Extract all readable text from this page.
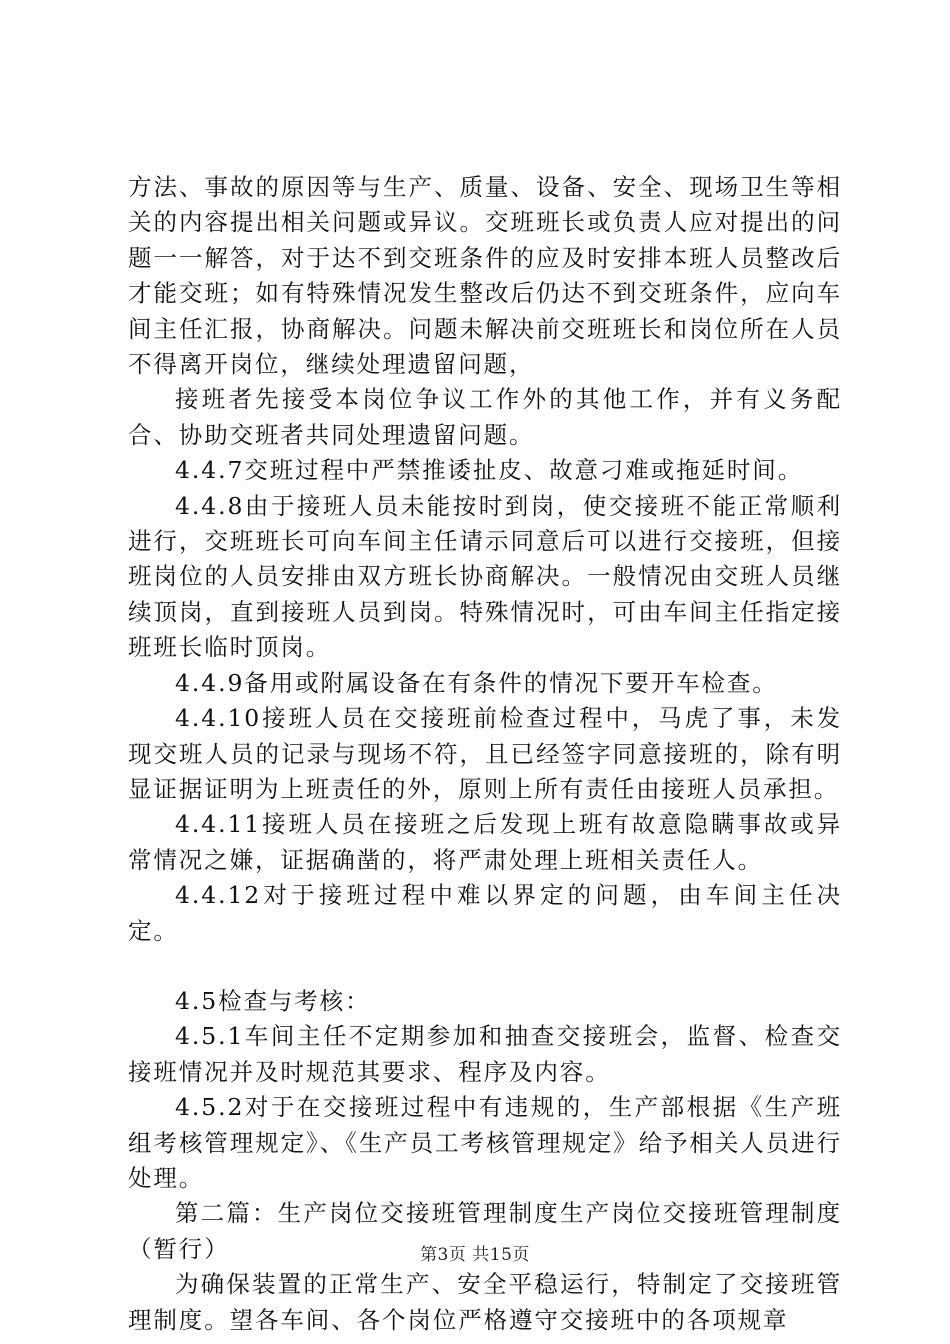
方法、事故的原因等与生产、质量、设备、安全、现场卫生等相关的内容提出相关问题或异议。交班班长或负责人应对提出的问题一一解答，对于达不到交班条件的应及时安排本班人员整改后才能交班；如有特殊情况发生整改后仍达不到交班条件，应向车间主任汇报，协商解决。问题未解决前交班班长和岗位所在人员不得离开岗位，继续处理遗留问题，

接班者先接受本岗位争议工作外的其他工作，并有义务配合、协助交班者共同处理遗留问题。

4.4.7交班过程中严禁推诿扯皮、故意刁难或拖延时间。

4.4.8由于接班人员未能按时到岗，使交接班不能正常顺利进行，交班班长可向车间主任请示同意后可以进行交接班，但接班岗位的人员安排由双方班长协商解决。一般情况由交班人员继续顶岗，直到接班人员到岗。特殊情况时，可由车间主任指定接班班长临时顶岗。

4.4.9备用或附属设备在有条件的情况下要开车检查。

4.4.10接班人员在交接班前检查过程中，马虎了事，未发现交班人员的记录与现场不符，且已经签字同意接班的，除有明显证据证明为上班责任的外，原则上所有责任由接班人员承担。

4.4.11接班人员在接班之后发现上班有故意隐瞒事故或异常情况之嫌，证据确凿的，将严肃处理上班相关责任人。

4.4.12对于接班过程中难以界定的问题，由车间主任决定。

4.5检查与考核：

4.5.1车间主任不定期参加和抽查交接班会，监督、检查交接班情况并及时规范其要求、程序及内容。

4.5.2对于在交接班过程中有违规的，生产部根据《生产班组考核管理规定》、《生产员工考核管理规定》给予相关人员进行处理。

第二篇：生产岗位交接班管理制度生产岗位交接班管理制度（暂行）

为确保装置的正常生产、安全平稳运行，特制定了交接班管理制度。望各车间、各个岗位严格遵守交接班中的各项规章

第3页 共15页
